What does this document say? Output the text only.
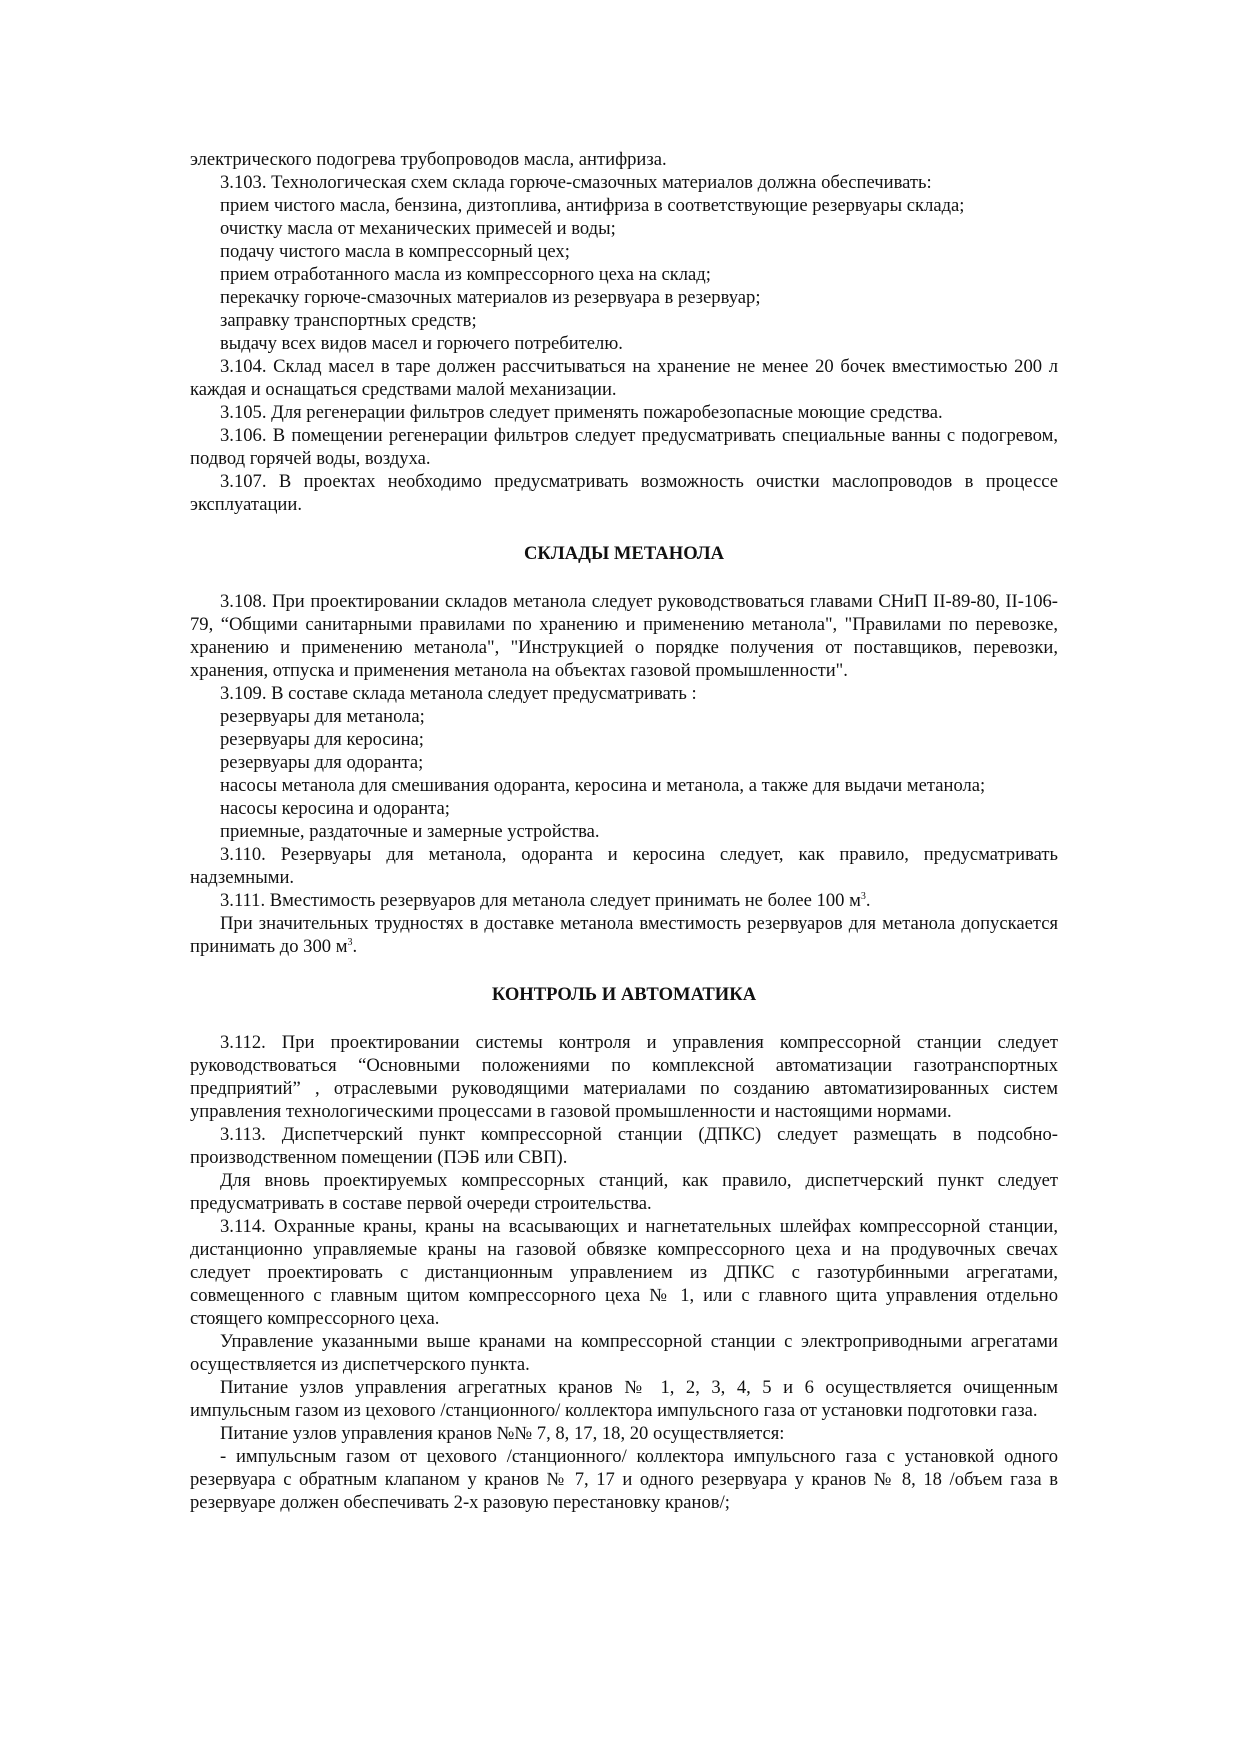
электрического подогрева трубопроводов масла, антифриза.

3.103. Технологическая схем склада горюче-смазочных материалов должна обеспечивать:

прием чистого масла, бензина, дизтоплива, антифриза в соответствующие резервуары склада;

очистку масла от механических примесей и воды;

подачу чистого масла в компрессорный цех;

прием отработанного масла из компрессорного цеха на склад;

перекачку горюче-смазочных материалов из резервуара в резервуар;

заправку транспортных средств;

выдачу всех видов масел и горючего потребителю.

3.104. Склад масел в таре должен рассчитываться на хранение не менее 20 бочек вместимостью 200 л каждая и оснащаться средствами малой механизации.

3.105. Для регенерации фильтров следует применять пожаробезопасные моющие средства.

3.106. В помещении регенерации фильтров следует предусматривать специальные ванны с подогревом, подвод горячей воды, воздуха.

3.107. В проектах необходимо предусматривать возможность очистки маслопроводов в процессе эксплуатации.

СКЛАДЫ МЕТАНОЛА

3.108. При проектировании складов метанола следует руководствоваться главами СНиП II-89-80, II-106-79, “Общими санитарными правилами по хранению и применению метанола", "Правилами по перевозке, хранению и применению метанола", "Инструкцией о порядке получения от поставщиков, перевозки, хранения, отпуска и применения метанола на объектах газовой промышленности".

3.109. В составе склада метанола следует предусматривать :

резервуары для метанола;

резервуары для керосина;

резервуары для одоранта;

насосы метанола для смешивания одоранта, керосина и метанола, а также для выдачи метанола;

насосы керосина и одоранта;

приемные, раздаточные и замерные устройства.

3.110. Резервуары для метанола, одоранта и керосина следует, как правило, предусматривать надземными.

3.111. Вместимость резервуаров для метанола следует принимать не более 100 $м^3$.

При значительных трудностях в доставке метанола вместимость резервуаров для метанола допускается принимать до 300 $м^3$.

КОНТРОЛЬ И АВТОМАТИКА

3.112. При проектировании системы контроля и управления компрессорной станции следует руководствоваться “Основными положениями по комплексной автоматизации газотранспортных предприятий” , отраслевыми руководящими материалами по созданию автоматизированных систем управления технологическими процессами в газовой промышленности и настоящими нормами.

3.113. Диспетчерский пункт компрессорной станции (ДПКС) следует размещать в подсобно-производственном помещении (ПЭБ или СВП).

Для вновь проектируемых компрессорных станций, как правило, диспетчерский пункт следует предусматривать в составе первой очереди строительства.

3.114. Охранные краны, краны на всасывающих и нагнетательных шлейфах компрессорной станции, дистанционно управляемые краны на газовой обвязке компрессорного цеха и на продувочных свечах следует проектировать с дистанционным управлением из ДПКС с газотурбинными агрегатами, совмещенного с главным щитом компрессорного цеха № 1, или с главного щита управления отдельно стоящего компрессорного цеха.

Управление указанными выше кранами на компрессорной станции с электроприводными агрегатами осуществляется из диспетчерского пункта.

Питание узлов управления агрегатных кранов № 1, 2, 3, 4, 5 и 6 осуществляется очищенным импульсным газом из цехового /станционного/ коллектора импульсного газа от установки подготовки газа.

Питание узлов управления кранов №№ 7, 8, 17, 18, 20 осуществляется:

- импульсным газом от цехового /станционного/ коллектора импульсного газа с установкой одного резервуара с обратным клапаном у кранов № 7, 17 и одного резервуара у кранов № 8, 18 /объем газа в резервуаре должен обеспечивать 2-х разовую перестановку кранов/;
